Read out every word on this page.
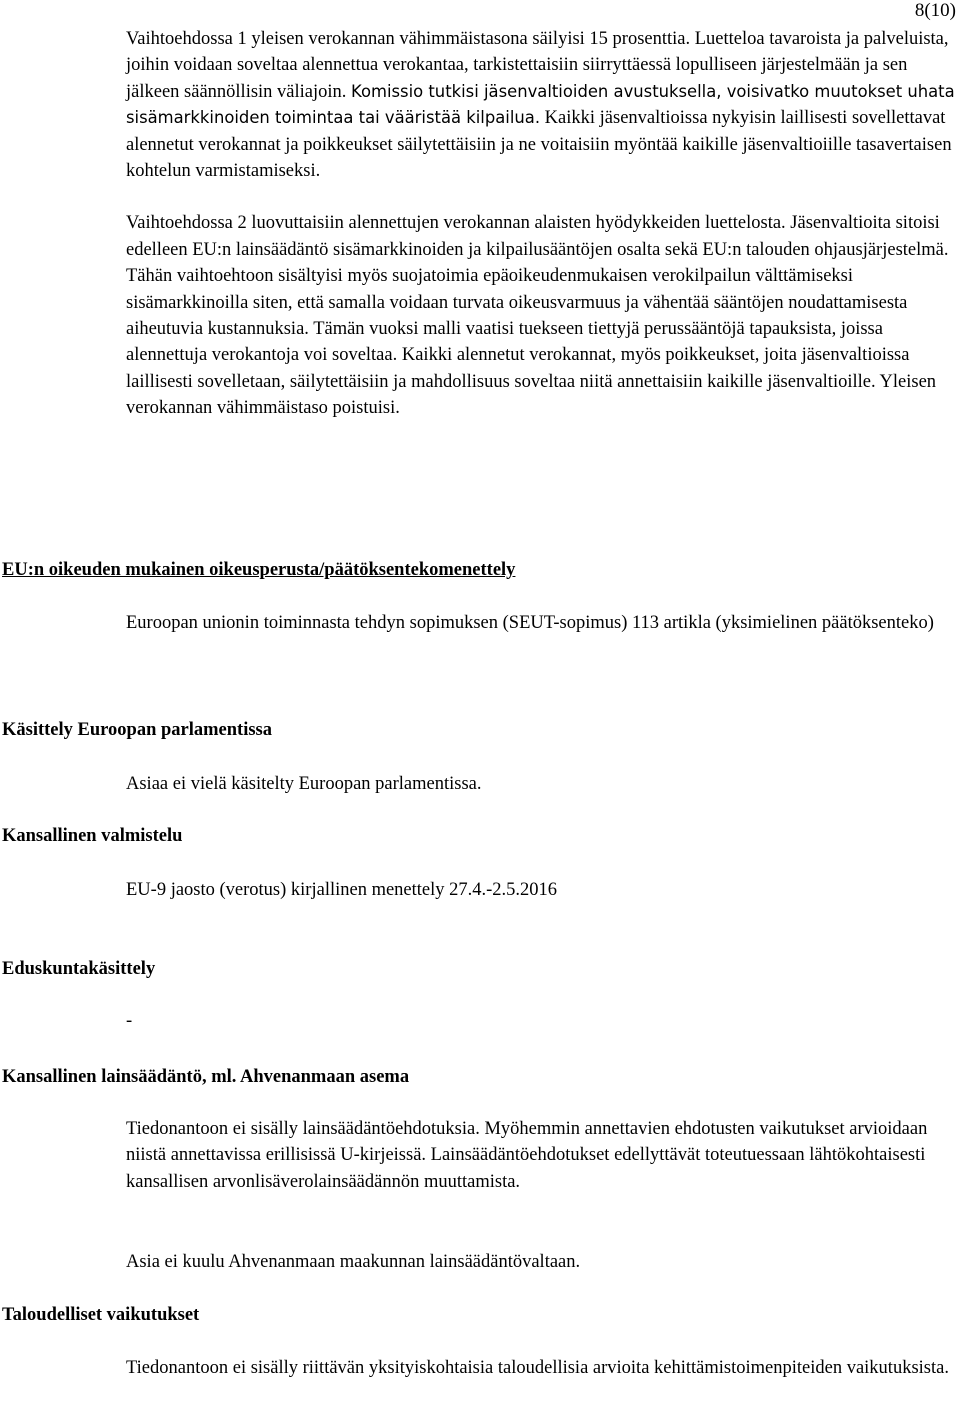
8(10)

Vaihtoehdossa 1 yleisen verokannan vähimmäistasona säilyisi 15 prosenttia. Luetteloa tavaroista ja palveluista, joihin voidaan soveltaa alennettua verokantaa, tarkistettaisiin siirryttäessä lopulliseen järjestelmään ja sen jälkeen säännöllisin väliajoin. Komissio tutkisi jäsenvaltioiden avustuksella, voisivatko muutokset uhata sisämarkkinoiden toimintaa tai vääristää kilpailua. Kaikki jäsenvaltioissa nykyisin laillisesti sovellettavat alennetut verokannat ja poikkeukset säilytettäisiin ja ne voitaisiin myöntää kaikille jäsenvaltioiille tasavertaisen kohtelun varmistamiseksi.

Vaihtoehdossa 2 luovuttaisiin alennettujen verokannan alaisten hyödykkeiden luettelosta. Jäsenvaltioita sitoisi edelleen EU:n lainsäädäntö sisämarkkinoiden ja kilpailusääntöjen osalta sekä EU:n talouden ohjausjärjestelmä. Tähän vaihtoehtoon sisältyisi myös suojatoimia epäoikeudenmukaisen verokilpailun välttämiseksi sisämarkkinoilla siten, että samalla voidaan turvata oikeusvarmuus ja vähentää sääntöjen noudattamisesta aiheutuvia kustannuksia. Tämän vuoksi malli vaatisi tuekseen tiettyjä perussääntöjä tapauksista, joissa alennettuja verokantoja voi soveltaa. Kaikki alennetut verokannat, myös poikkeukset, joita jäsenvaltioissa laillisesti sovelletaan, säilytettäisiin ja mahdollisuus soveltaa niitä annettaisiin kaikille jäsenvaltioille. Yleisen verokannan vähimmäistaso poistuisi.

EU:n oikeuden mukainen oikeusperusta/päätöksentekomenettely

Euroopan unionin toiminnasta tehdyn sopimuksen (SEUT-sopimus) 113 artikla (yksimielinen päätöksenteko)

Käsittely Euroopan parlamentissa

Asiaa ei vielä käsitelty Euroopan parlamentissa.

Kansallinen valmistelu

EU-9 jaosto (verotus) kirjallinen menettely 27.4.-2.5.2016

Eduskuntakäsittely

-

Kansallinen lainsäädäntö, ml. Ahvenanmaan asema

Tiedonantoon ei sisälly lainsäädäntöehdotuksia. Myöhemmin annettavien ehdotusten vaikutukset arvioidaan niistä annettavissa erillisissä U-kirjeissä. Lainsäädäntöehdotukset edellyttävät toteutuessaan lähtökohtaisesti kansallisen arvonlisäverolainsäädännön muuttamista.

Asia ei kuulu Ahvenanmaan maakunnan lainsäädäntövaltaan.

Taloudelliset vaikutukset

Tiedonantoon ei sisälly riittävän yksityiskohtaisia taloudellisia arvioita kehittämistoimenpiteiden vaikutuksista.
